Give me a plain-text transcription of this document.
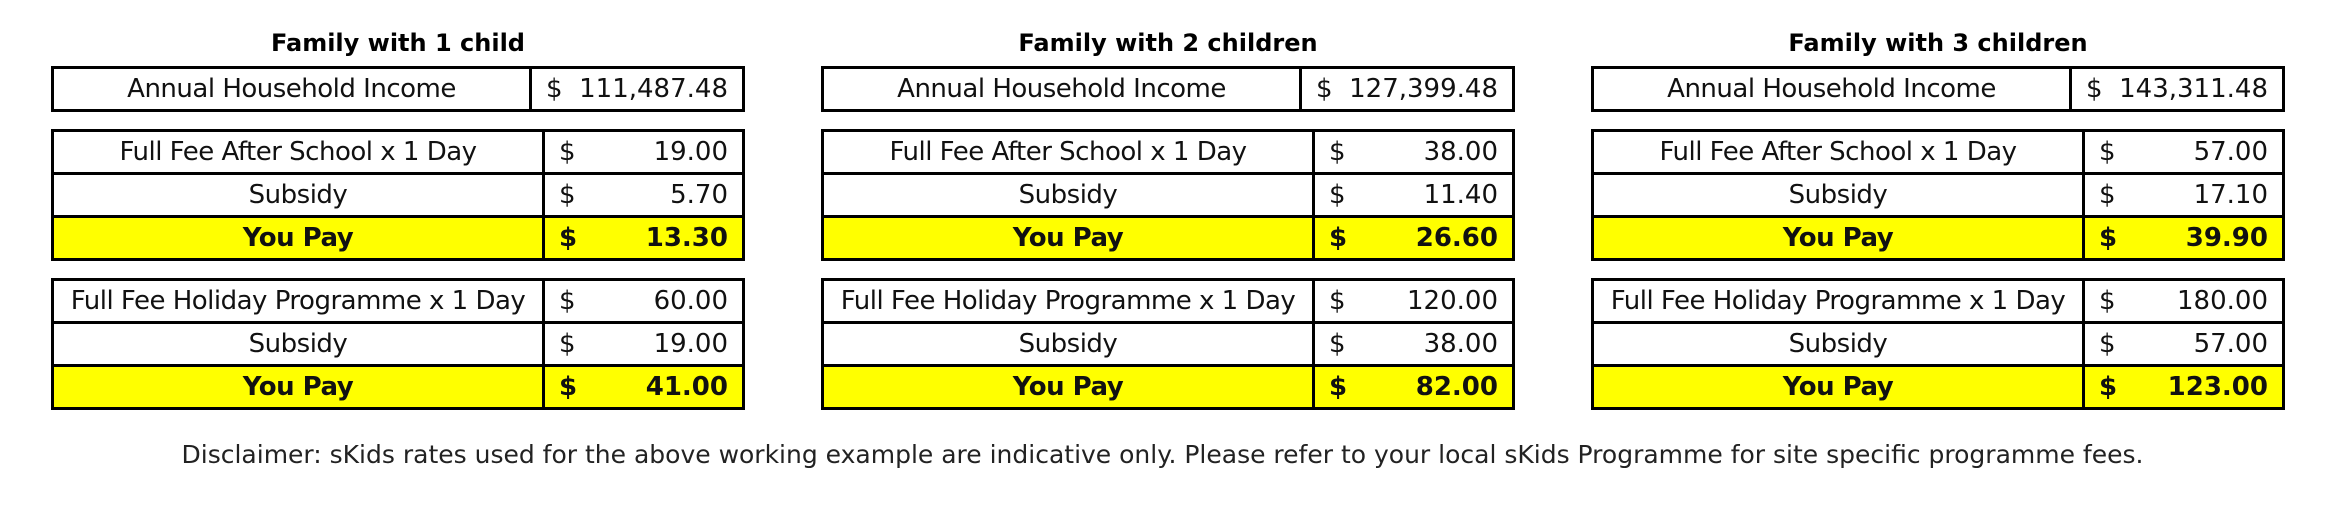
Family with 1 child
Annual Household Income	$ 111,487.48
Full Fee After School x 1 Day	$	19.00
Subsidy	$	5.70
You Pay	$	13.30
Full Fee Holiday Programme x 1 Day	$	60.00
Subsidy	$	19.00
You Pay	$	41.00
Family with 2 children
Annual Household Income	$ 127,399.48
Full Fee After School x 1 Day	$	38.00
Subsidy	$	11.40
You Pay	$	26.60
Full Fee Holiday Programme x 1 Day	$	120.00
Subsidy	$	38.00
You Pay	$	82.00
Family with 3 children
Annual Household Income	$ 143,311.48
Full Fee After School x 1 Day	$	57.00
Subsidy	$	17.10
You Pay	$	39.90
Full Fee Holiday Programme x 1 Day	$	180.00
Subsidy	$	57.00
You Pay	$	123.00
Disclaimer: sKids rates used for the above working example are indicative only. Please refer to your local sKids Programme for site specific programme fees.
